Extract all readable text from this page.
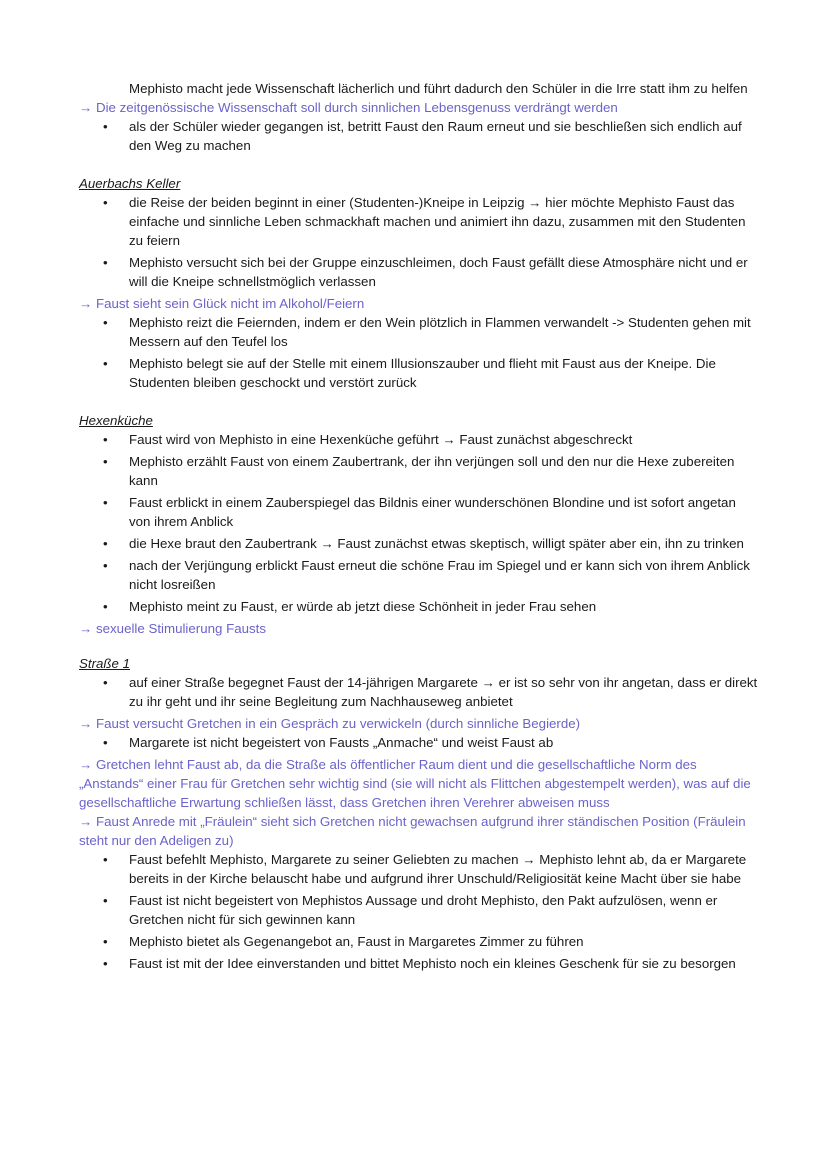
Mephisto macht jede Wissenschaft lächerlich und führt dadurch den Schüler in die Irre statt ihm zu helfen
→ Die zeitgenössische Wissenschaft soll durch sinnlichen Lebensgenuss verdrängt werden
• als der Schüler wieder gegangen ist, betritt Faust den Raum erneut und sie beschließen sich endlich auf den Weg zu machen
Auerbachs Keller
• die Reise der beiden beginnt in einer (Studenten-)Kneipe in Leipzig → hier möchte Mephisto Faust das einfache und sinnliche Leben schmackhaft machen und animiert ihn dazu, zusammen mit den Studenten zu feiern
• Mephisto versucht sich bei der Gruppe einzuschleimen, doch Faust gefällt diese Atmosphäre nicht und er will die Kneipe schnellstmöglich verlassen
→ Faust sieht sein Glück nicht im Alkohol/Feiern
• Mephisto reizt die Feiernden, indem er den Wein plötzlich in Flammen verwandelt -> Studenten gehen mit Messern auf den Teufel los
• Mephisto belegt sie auf der Stelle mit einem Illusionszauber und flieht mit Faust aus der Kneipe. Die Studenten bleiben geschockt und verstört zurück
Hexenküche
• Faust wird von Mephisto in eine Hexenküche geführt → Faust zunächst abgeschreckt
• Mephisto erzählt Faust von einem Zaubertrank, der ihn verjüngen soll und den nur die Hexe zubereiten kann
• Faust erblickt in einem Zauberspiegel das Bildnis einer wunderschönen Blondine und ist sofort angetan von ihrem Anblick
• die Hexe braut den Zaubertrank → Faust zunächst etwas skeptisch, willigt später aber ein, ihn zu trinken
• nach der Verjüngung erblickt Faust erneut die schöne Frau im Spiegel und er kann sich von ihrem Anblick nicht losreißen
• Mephisto meint zu Faust, er würde ab jetzt diese Schönheit in jeder Frau sehen
→ sexuelle Stimulierung Fausts
Straße 1
• auf einer Straße begegnet Faust der 14-jährigen Margarete → er ist so sehr von ihr angetan, dass er direkt zu ihr geht und ihr seine Begleitung zum Nachhauseweg anbietet
→ Faust versucht Gretchen in ein Gespräch zu verwickeln (durch sinnliche Begierde)
• Margarete ist nicht begeistert von Fausts „Anmache“ und weist Faust ab
→ Gretchen lehnt Faust ab, da die Straße als öffentlicher Raum dient und die gesellschaftliche Norm des „Anstands“ einer Frau für Gretchen sehr wichtig sind (sie will nicht als Flittchen abgestempelt werden), was auf die gesellschaftliche Erwartung schließen lässt, dass Gretchen ihren Verehrer abweisen muss
→ Faust Anrede mit „Fräulein“ sieht sich Gretchen nicht gewachsen aufgrund ihrer ständischen Position (Fräulein steht nur den Adeligen zu)
• Faust befehlt Mephisto, Margarete zu seiner Geliebten zu machen → Mephisto lehnt ab, da er Margarete bereits in der Kirche belauscht habe und aufgrund ihrer Unschuld/Religiosität keine Macht über sie habe
• Faust ist nicht begeistert von Mephistos Aussage und droht Mephisto, den Pakt aufzulösen, wenn er Gretchen nicht für sich gewinnen kann
• Mephisto bietet als Gegenangebot an, Faust in Margaretes Zimmer zu führen
• Faust ist mit der Idee einverstanden und bittet Mephisto noch ein kleines Geschenk für sie zu besorgen
